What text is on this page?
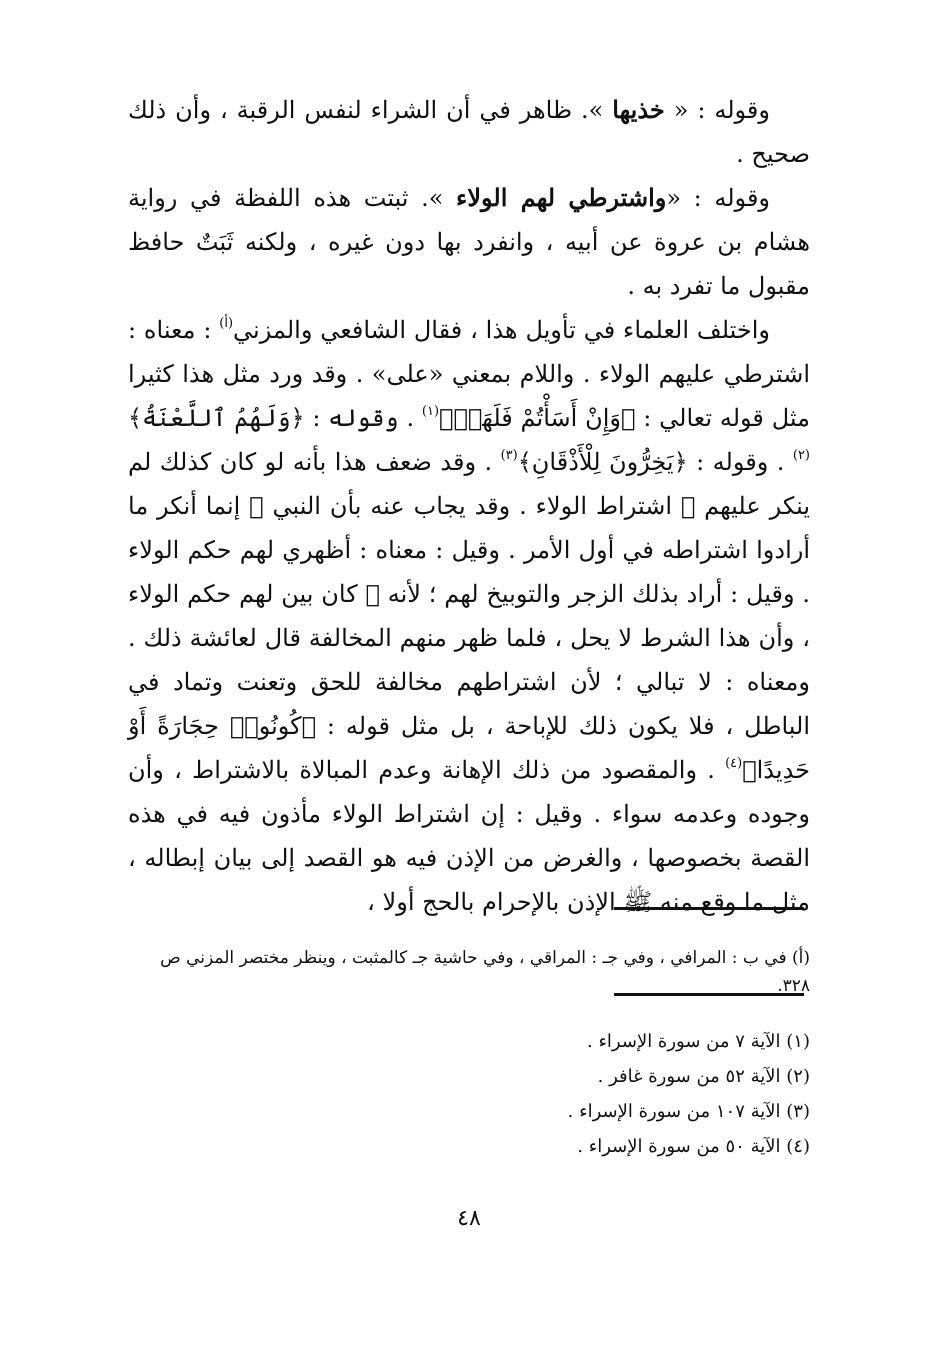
وقوله : « خذيها ». ظاهر في أن الشراء لنفس الرقبة ، وأن ذلك صحيح .

وقوله : «واشترطي لهم الولاء ». ثبتت هذه اللفظة في رواية هشام بن عروة عن أبيه ، وانفرد بها دون غيره ، ولكنه ثَبَتٌ حافظ مقبول ما تفرد به .

واختلف العلماء في تأويل هذا ، فقال الشافعي والمزني$^{(أ)}$ : معناه : اشترطي عليهم الولاء . واللام بمعني «على» . وقد ورد مثل هذا كثيرا مثل قوله تعالي : ﴿وَإِنْ أَسَأْتُمْ فَلَهَاۚ﴾$^{(١)}$ . وقوله : ﴿وَلَهُمُ ٱللَّعْنَةُ﴾$^{(٢)}$ . وقوله : ﴿يَخِرُّونَ لِلْأَذْقَانِ﴾$^{(٣)}$ . وقد ضعف هذا بأنه لو كان كذلك لم ينكر عليهم ﷺ اشتراط الولاء . وقد يجاب عنه بأن النبي ﷺ إنما أنكر ما أرادوا اشتراطه في أول الأمر . وقيل : معناه : أظهري لهم حكم الولاء . وقيل : أراد بذلك الزجر والتوبيخ لهم ؛ لأنه ﷺ كان بين لهم حكم الولاء ، وأن هذا الشرط لا يحل ، فلما ظهر منهم المخالفة قال لعائشة ذلك . ومعناه : لا تبالي ؛ لأن اشتراطهم مخالفة للحق وتعنت وتماد في الباطل ، فلا يكون ذلك للإباحة ، بل مثل قوله : ﴿كُونُوا۟ حِجَارَةً أَوْ حَدِيدًا﴾$^{(٤)}$ . والمقصود من ذلك الإهانة وعدم المبالاة بالاشتراط ، وأن وجوده وعدمه سواء . وقيل : إن اشتراط الولاء مأذون فيه في هذه القصة بخصوصها ، والغرض من الإذن فيه هو القصد إلى بيان إبطاله ، مثل ما وقع منه ﷺ الإذن بالإحرام بالحج أولا ،

(أ) في ب : المرافي ، وفي جـ : المراقي ، وفي حاشية جـ كالمثبت ، وينظر مختصر المزني ص ٣٢٨.
(١) الآية ٧ من سورة الإسراء .
(٢) الآية ٥٢ من سورة غافر .
(٣) الآية ١٠٧ من سورة الإسراء .
(٤) الآية ٥٠ من سورة الإسراء .
٤٨
